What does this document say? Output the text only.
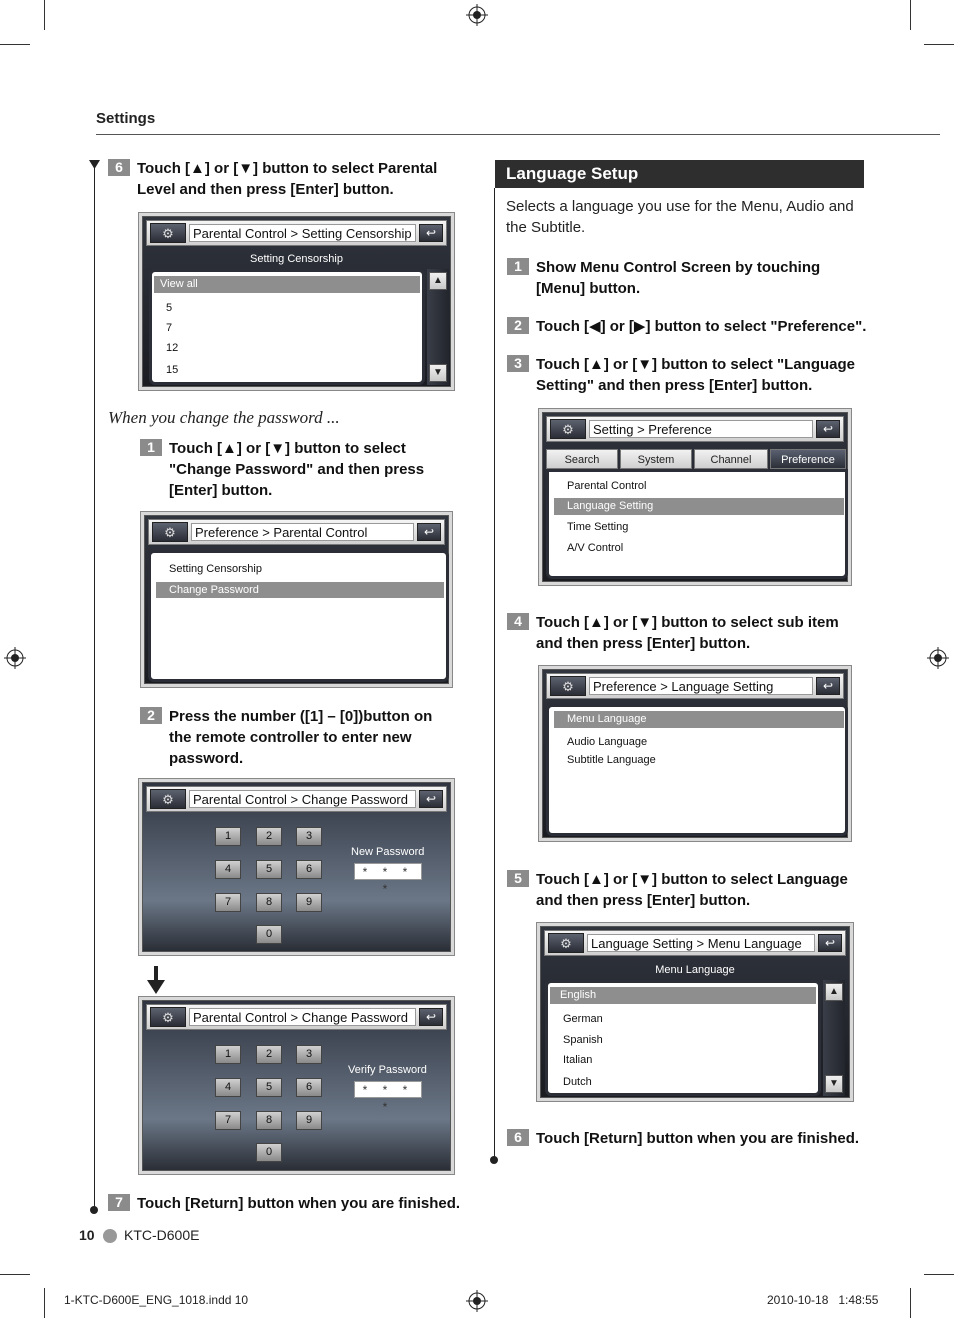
Settings
6 Touch [▲] or [▼] button to select Parental Level and then press [Enter] button.
⚙	Parental Control > Setting Censorship	↩
Setting Censorship
View all
5
7
12
15
▲
▼
When you change the password ...
1 Touch [▲] or [▼] button to select "Change Password" and then press [Enter] button.
⚙	Preference > Parental Control	↩
Setting Censorship
Change Password
2 Press the number ([1] – [0])button on the remote controller to enter new password.
⚙	Parental Control > Change Password	↩
1	2	3
4	5	6
7	8	9
0
New Password
* * * *
⚙	Parental Control > Change Password	↩
1	2	3
4	5	6
7	8	9
0
Verify Password
* * * *
7 Touch [Return] button when you are finished.
Language Setup
Selects a language you use for the Menu, Audio and the Subtitle.
1 Show Menu Control Screen by touching [Menu] button.
2 Touch [◀] or [▶] button to select "Preference".
3 Touch [▲] or [▼] button to select "Language Setting" and then press [Enter] button.
⚙	Setting > Preference	↩
Search	System	Channel	Preference
Parental Control
Language Setting
Time Setting
A/V Control
4 Touch [▲] or [▼] button to select sub item and then press [Enter] button.
⚙	Preference > Language Setting	↩
Menu Language
Audio Language
Subtitle Language
5 Touch [▲] or [▼] button to select Language and then press [Enter] button.
⚙	Language Setting > Menu Language	↩
Menu Language
English
German
Spanish
Italian
Dutch
▲
▼
6 Touch [Return] button when you are finished.
10 KTC-D600E
1-KTC-D600E_ENG_1018.indd 10	2010-10-18   1:48:55
